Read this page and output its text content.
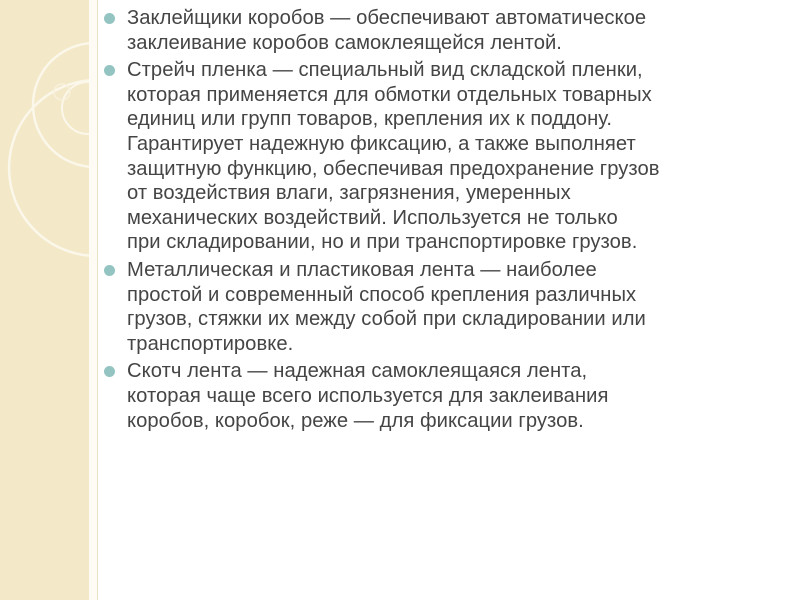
Заклейщики коробов — обеспечивают автоматическое
заклеивание коробов самоклеящейся лентой.
Стрейч пленка — специальный вид складской пленки,
которая применяется для обмотки отдельных товарных
единиц или групп товаров, крепления их к поддону.
Гарантирует надежную фиксацию, а также выполняет
защитную функцию, обеспечивая предохранение грузов
от воздействия влаги, загрязнения, умеренных
механических воздействий. Используется не только
при складировании, но и при транспортировке грузов.
Металлическая и пластиковая лента — наиболее
простой и современный способ крепления различных
грузов, стяжки их между собой при складировании или
транспортировке.
Скотч лента — надежная самоклеящаяся лента,
которая чаще всего используется для заклеивания
коробов, коробок, реже — для фиксации грузов.
